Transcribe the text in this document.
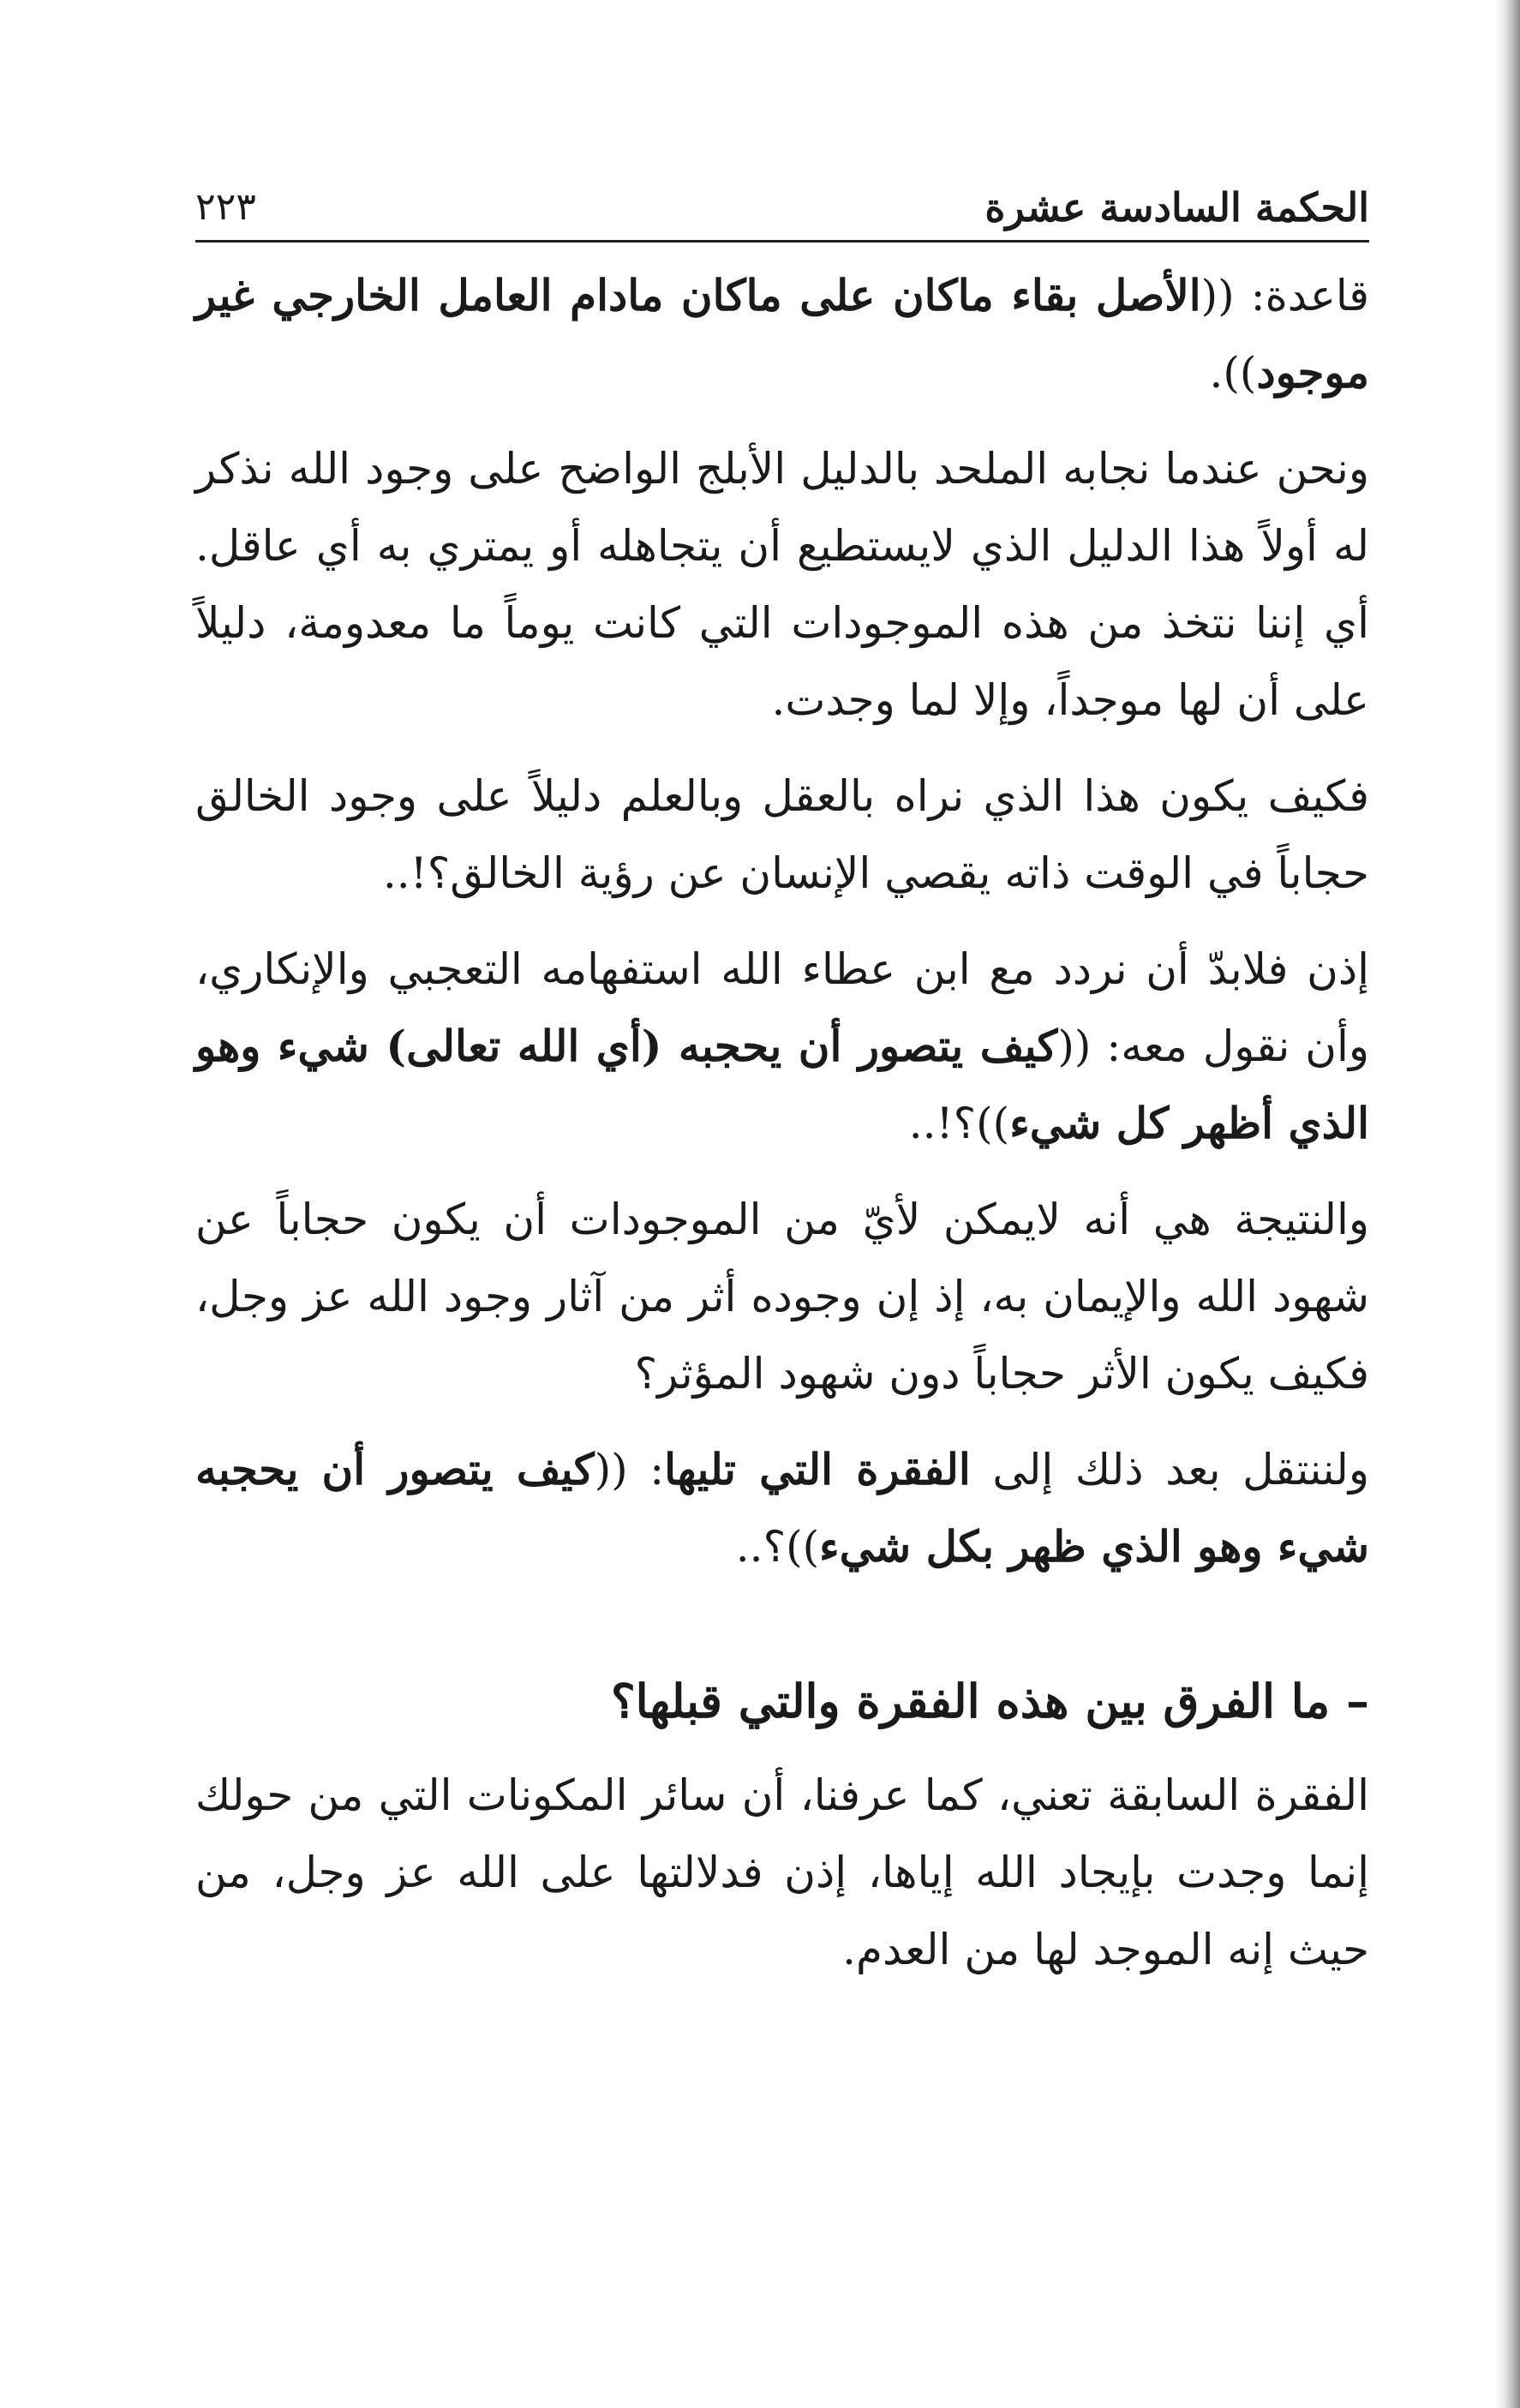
الحكمة السادسة عشرة
٢٢٣

قاعدة: ((الأصل بقاء ماكان على ماكان مادام العامل الخارجي غير موجود)).

ونحن عندما نجابه الملحد بالدليل الأبلج الواضح على وجود الله نذكر له أولاً هذا الدليل الذي لايستطيع أن يتجاهله أو يمتري به أي عاقل. أي إننا نتخذ من هذه الموجودات التي كانت يوماً ما معدومة، دليلاً على أن لها موجداً، وإلا لما وجدت.

فكيف يكون هذا الذي نراه بالعقل وبالعلم دليلاً على وجود الخالق حجاباً في الوقت ذاته يقصي الإنسان عن رؤية الخالق؟!..

إذن فلابدّ أن نردد مع ابن عطاء الله استفهامه التعجبي والإنكاري، وأن نقول معه: ((كيف يتصور أن يحجبه (أي الله تعالى) شيء وهو الذي أظهر كل شيء))؟!..

والنتيجة هي أنه لايمكن لأيّ من الموجودات أن يكون حجاباً عن شهود الله والإيمان به، إذ إن وجوده أثر من آثار وجود الله عز وجل، فكيف يكون الأثر حجاباً دون شهود المؤثر؟

ولننتقل بعد ذلك إلى الفقرة التي تليها: ((كيف يتصور أن يحجبه شيء وهو الذي ظهر بكل شيء))؟..

– ما الفرق بين هذه الفقرة والتي قبلها؟

الفقرة السابقة تعني، كما عرفنا، أن سائر المكونات التي من حولك إنما وجدت بإيجاد الله إياها، إذن فدلالتها على الله عز وجل، من حيث إنه الموجد لها من العدم.
